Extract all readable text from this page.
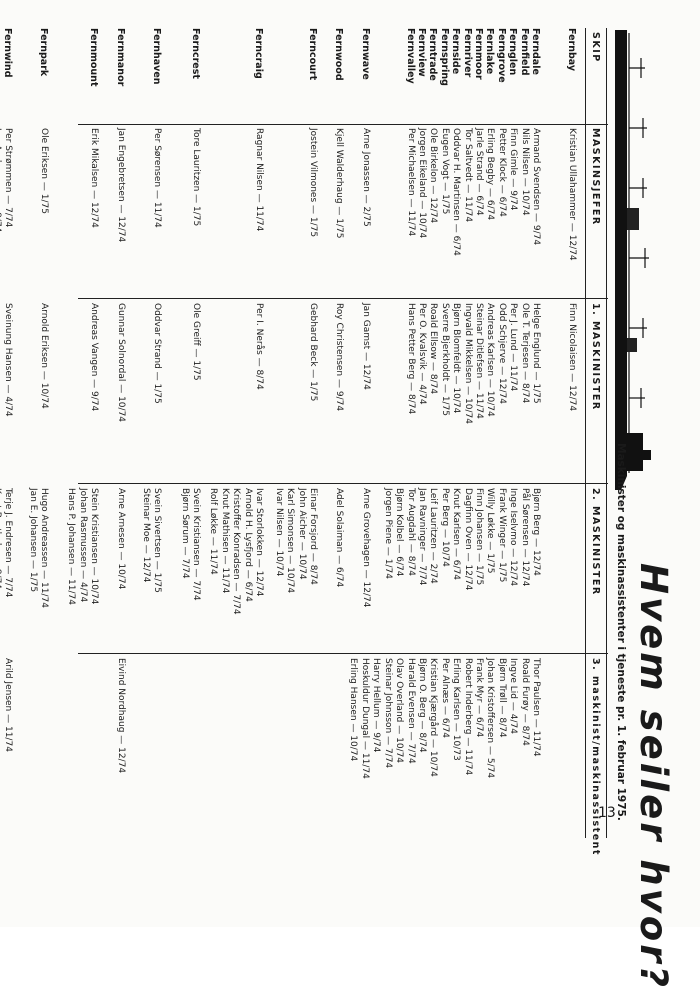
Hvem seiler hvor?
Maskinister og maskinassistenter i tjeneste pr. 1. februar 1975.
SKIP
MASKINSJEFER
1. MASKINISTER
2. MASKINISTER
3. maskinist/maskinassistent
Fernbay
Kristian Ullahammer — 12/74
Finn Nicolaisen — 12/74
Ferndale
Fernfield
Fernglen
Ferngrove
Fernlake
Fernmoor
Fernriver
Fernside
Fernspring
Ferntrade
Fernview
Fernvalley
Armand Svendsen — 9/74
Nils Nilsen — 10/74
Finn Gimle — 9/74
Petter Klock — 6/74
Erling Begby — 6/74
Jarle Strand — 6/74
Tor Saltvedt — 11/74
Oddvar H. Martinsen — 6/74
Eugen Vogt — 1/75
Ole Birkelon — 12/74
Jorgen Eikeland — 10/74
Per Michaelsen — 11/74
Helge Englund — 1/75
Ole T. Terjesen — 8/74
Per J. Lund — 11/74
Odd Schjerve — 12/74
Andreas Karlsen — 10/74
Steinar Ditlefsen — 11/74
Ingvald Mikkelsen — 10/74
Bjørn Blomfeldt — 10/74
Sverre Bjerkholdt — 1/75
Roald Ellsow — 8/74
Per O. Kvalsvik — 4/74
Hans Petter Berg — 8/74
Bjørn Berg — 12/74
Pål Sørensen — 12/74
Inge Iselvmo — 12/74
Frank Winger — 1/75
Willy Løkke — 1/75
Finn Johansen — 1/75
Dagfinn Oven — 12/74
Knut Karlsen — 6/74
Per Berg — 10/74
Leif Lauritzen — 2/74
Jan Ravninger — 7/74
Tor Augdahl — 8/74
Bjørn Kolbel — 6/74
Jorgen Piene — 1/74
Thor Paulsen — 11/74
Roald Furøy — 8/74
Ingve Lid — 4/74
Bjørn Trøll — 8/74
Johan Kristoffersen — 5/74
Frank Myr — 6/74
Robert Inderberg — 11/74
Erling Karlsen — 10/73
Per Alnæs — 6/74
Kristian Kjærgård — 10/74
Bjørn O. Berg — 8/74
Harald Evensen — 7/74
Olav Overland — 10/74
Steinar Johnsson — 7/74
Harry Hellum — 9/74
Hoskuldur Dungal — 11/74
Erling Hansen — 10/74
Fernwave
Arne Jonassen — 2/75
Jan Gamst — 12/74
Arne Grovehagen — 12/74
Fernwood
Kjell Walderhaug — 1/75
Roy Christensen — 9/74
Adel Solaiman — 6/74
Ferncourt
Jostein Vilmones — 1/75
Gebhard Beck — 1/75
Einar Forsjord — 8/74
John Aicher — 10/74
Karl Simonsen — 10/74
Ivar Nilsen — 10/74
Ferncraig
Ragnar Nilsen — 11/74
Per I. Nerås — 8/74
Ivar Storlokken — 12/74
Arnold H. Lysfjord — 6/74
Kristoffer Konradsen — 7/74
Knut Mathisen — 11/74
Rolf Løkke — 11/74
Ferncrest
Tore Lauritzen — 1/75
Ole Greiff — 1/75
Svein Kristiansen — 7/74
Bjørn Sørum — 7/74
Fernhaven
Per Sørensen — 11/74
Oddvar Strand — 1/75
Svein Sivertsen — 1/75
Steinar Moe — 12/74
Fernmanor
Jan Engebretsen — 12/74
Gunnar Solnordal — 10/74
Arne Arnesen — 10/74
Eivind Nordhaug — 12/74
Fernmount
Erik Mikalsen — 12/74
Andreas Vangen — 9/74
Stein Kristiansen — 10/74
Johan Rasmussen — 4/74
Hans P. Johansen — 11/74
Fernpark
Ole Eriksen — 1/75
Arnold Eriksen — 10/74
Hugo Andreassen — 11/74
Jan E. Johansen — 1/75
Fernwind
Per Strømmen — 7/74
Sveinung Hansen — 4/74
Terje J. Endresen — 7/74
Arild Jensen — 11/74
13
